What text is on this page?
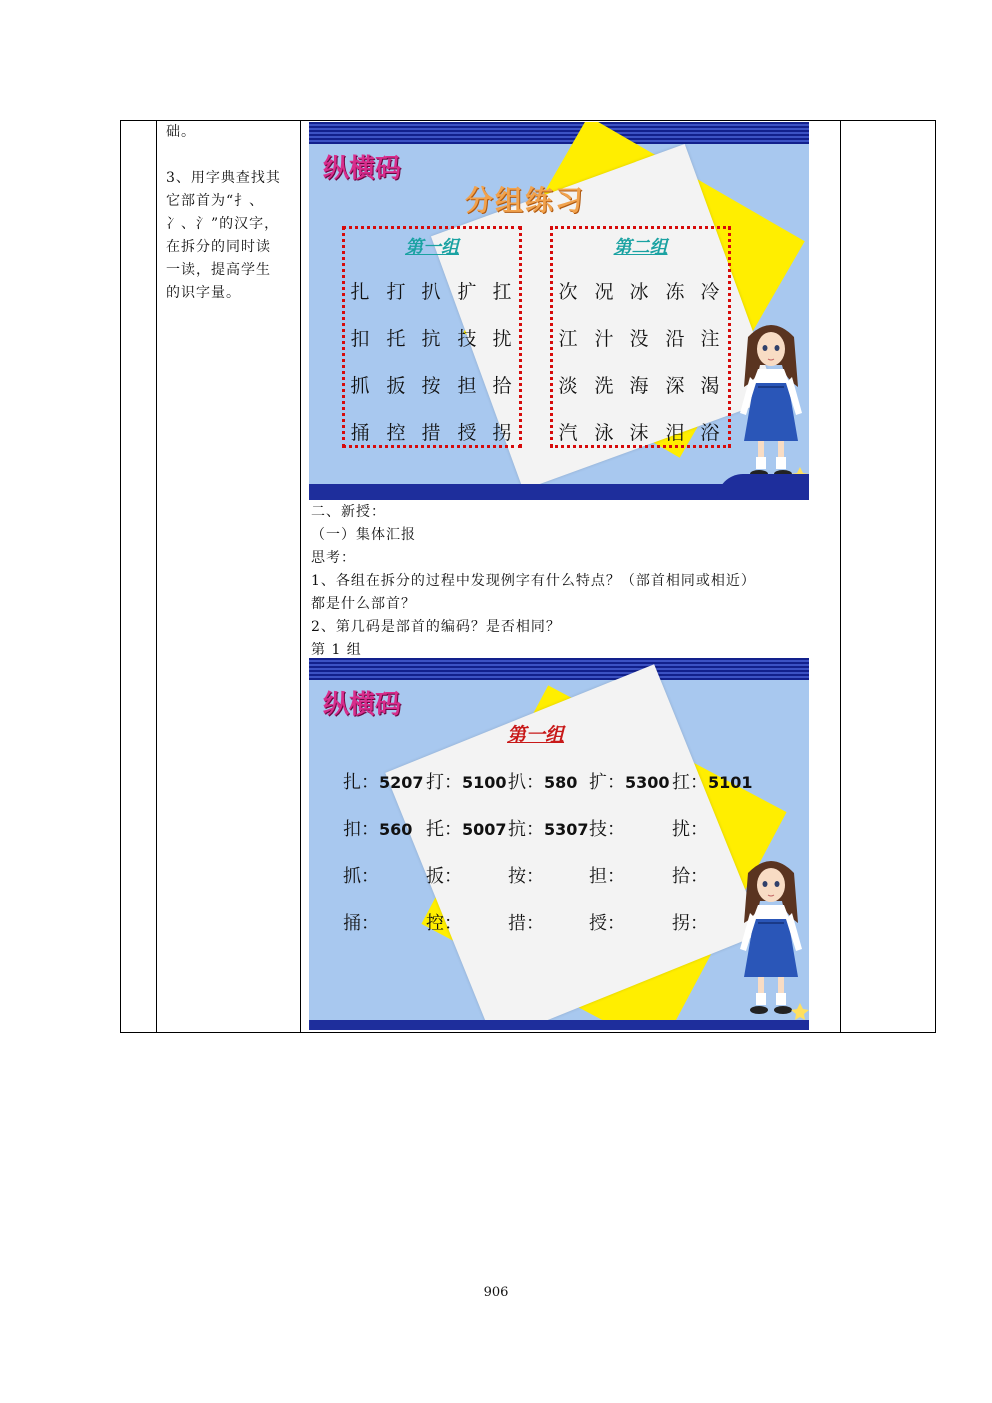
础。

3、用字典查找其

它部首为“扌、

冫、氵”的汉字，

在拆分的同时读

一读，提高学生

的识字量。

纵横码
分组练习
第一组	第二组
扎 打 扒 扩 扛
扣 托 抗 技 扰
抓 扳 按 担 拾
捅 控 措 授 拐
次 况 冰 冻 冷
江 汁 没 沿 注
淡 洗 海 深 渴
汽 泳 沫 泪 浴
二、新授：
（一）集体汇报
思考：
1、各组在拆分的过程中发现例字有什么特点？（部首相同或相近）
都是什么部首？
2、第几码是部首的编码？是否相同？
第 1 组
纵横码
第一组
扎：5207 打：5100 扒：580 扩：5300 扛：5101
扣：560 托：5007 抗：5307 技：	扰：
抓：	扳：	按：	担：	拾：
捅：	控：	措：	授：	拐：
906
